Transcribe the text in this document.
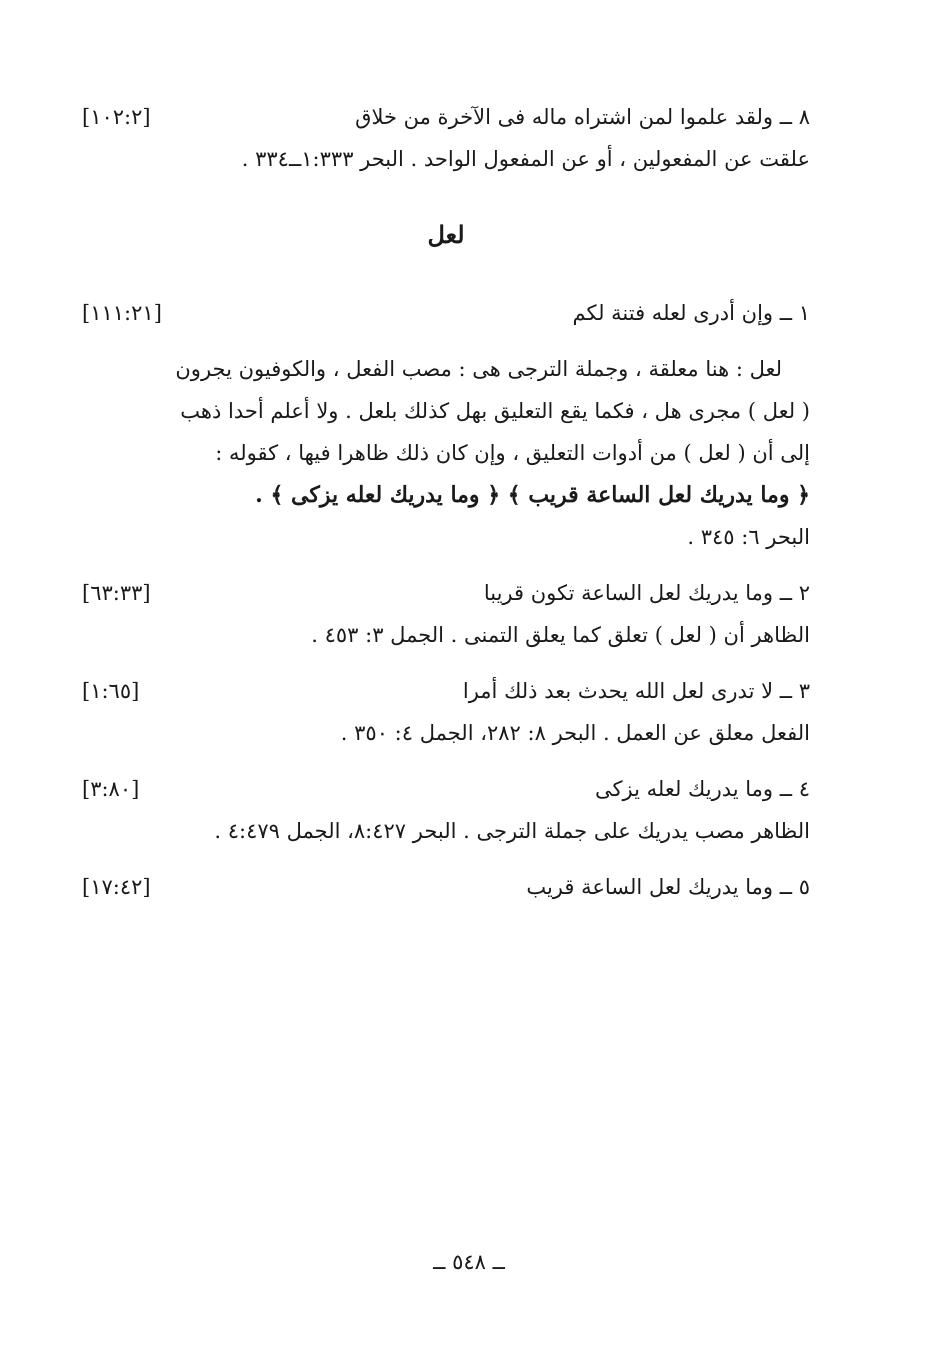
٨ ــ ولقد علموا لمن اشتراه ماله فى الآخرة من خلاق
[١٠٢:٢]
علقت عن المفعولين ، أو عن المفعول الواحد . البحر ١:٣٣٣ــ٣٣٤ .
لعل
١ ــ وإن أدرى لعله فتنة لكم
[١١١:٢١]
لعل : هنا معلقة ، وجملة الترجى هى : مصب الفعل ، والكوفيون يجرون
( لعل ) مجرى هل ، فكما يقع التعليق بهل كذلك بلعل . ولا أعلم أحدا ذهب
إلى أن ( لعل ) من أدوات التعليق ، وإن كان ذلك ظاهرا فيها ، كقوله :
﴿ وما يدريك لعل الساعة قريب ﴾ ﴿ وما يدريك لعله يزكى ﴾ .
البحر ٦: ٣٤٥ .
٢ ــ وما يدريك لعل الساعة تكون قريبا
[٦٣:٣٣]
الظاهر أن ( لعل ) تعلق كما يعلق التمنى . الجمل ٣: ٤٥٣ .
٣ ــ لا تدرى لعل الله يحدث بعد ذلك أمرا
[١:٦٥]
الفعل معلق عن العمل . البحر ٨: ٢٨٢، الجمل ٤: ٣٥٠ .
٤ ــ وما يدريك لعله يزكى
[٣:٨٠]
الظاهر مصب يدريك على جملة الترجى . البحر ٨:٤٢٧، الجمل ٤:٤٧٩ .
٥ ــ وما يدريك لعل الساعة قريب
[١٧:٤٢]
ــ ٥٤٨ ــ
